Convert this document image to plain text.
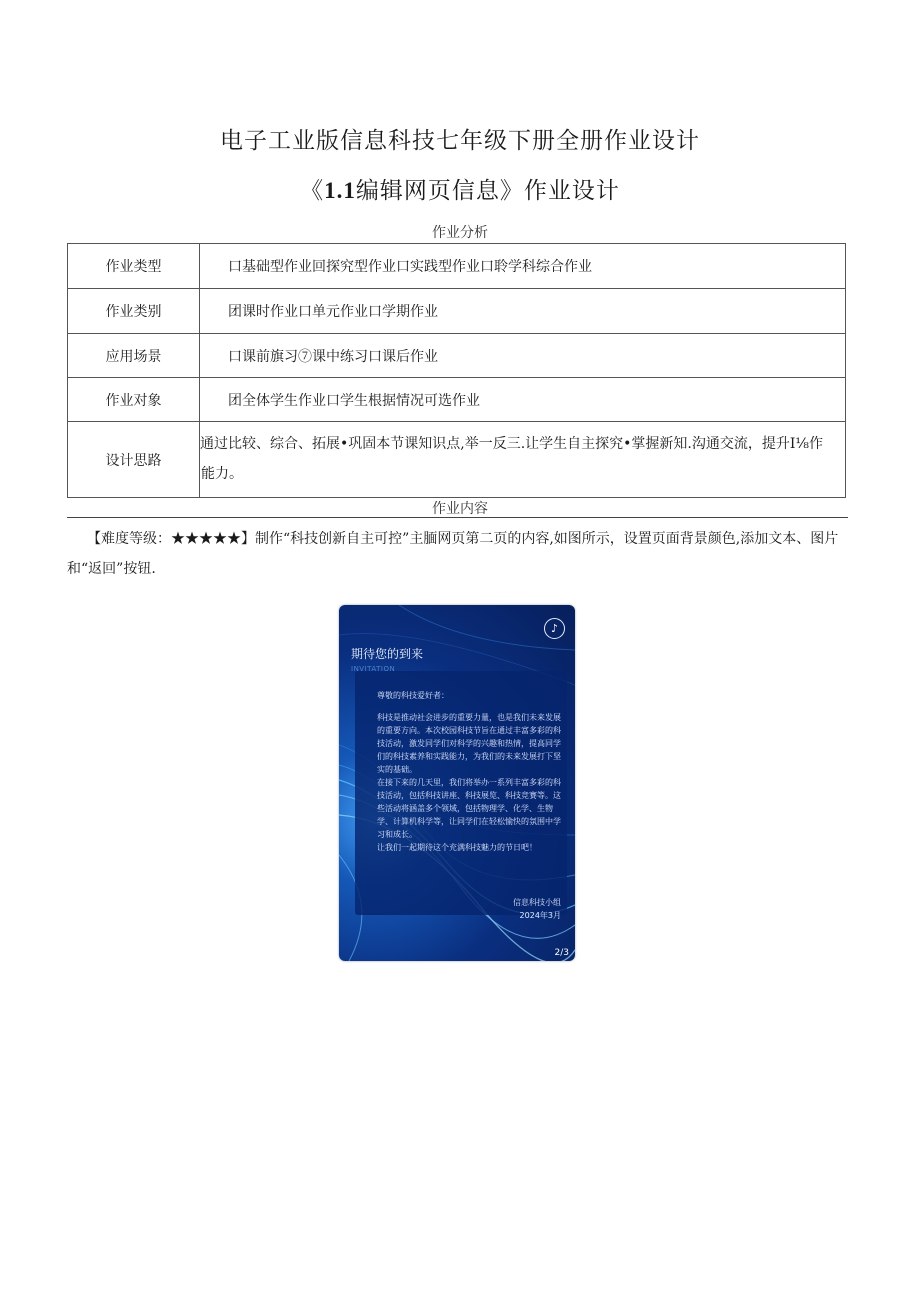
电子工业版信息科技七年级下册全册作业设计
《1.1编辑网页信息》作业设计
作业分析
作业类型	口基础型作业回探究型作业口实践型作业口聆学科综合作业
作业类别	团课时作业口单元作业口学期作业
应用场景	口课前旗习⑦课中练习口课后作业
作业对象	团全体学生作业口学生根据情况可选作业
设计思路	通过比较、综合、拓展•巩固本节课知识点,举一反三.让学生自主探究•掌握新知.沟通交流，提升I⅛作能力。
作业内容
【难度等级：★★★★★】制作“科技创新自主可控”主腼网页第二页的内容,如图所示，设置页面背景颜色,添加文本、图片和“返回”按钮.
♪
期待您的到来
INVITATION

尊敬的科技爱好者：

科技是推动社会进步的重要力量，也是我们未来发展的重要方向。本次校园科技节旨在通过丰富多彩的科技活动，激发同学们对科学的兴趣和热情，提高同学们的科技素养和实践能力，为我们的未来发展打下坚实的基础。

在接下来的几天里，我们将举办一系列丰富多彩的科技活动，包括科技讲座、科技展览、科技竞赛等。这些活动将涵盖多个领域，包括物理学、化学、生物学、计算机科学等，让同学们在轻松愉快的氛围中学习和成长。

让我们一起期待这个充满科技魅力的节日吧！

信息科技小组
2024年3月
2/3
